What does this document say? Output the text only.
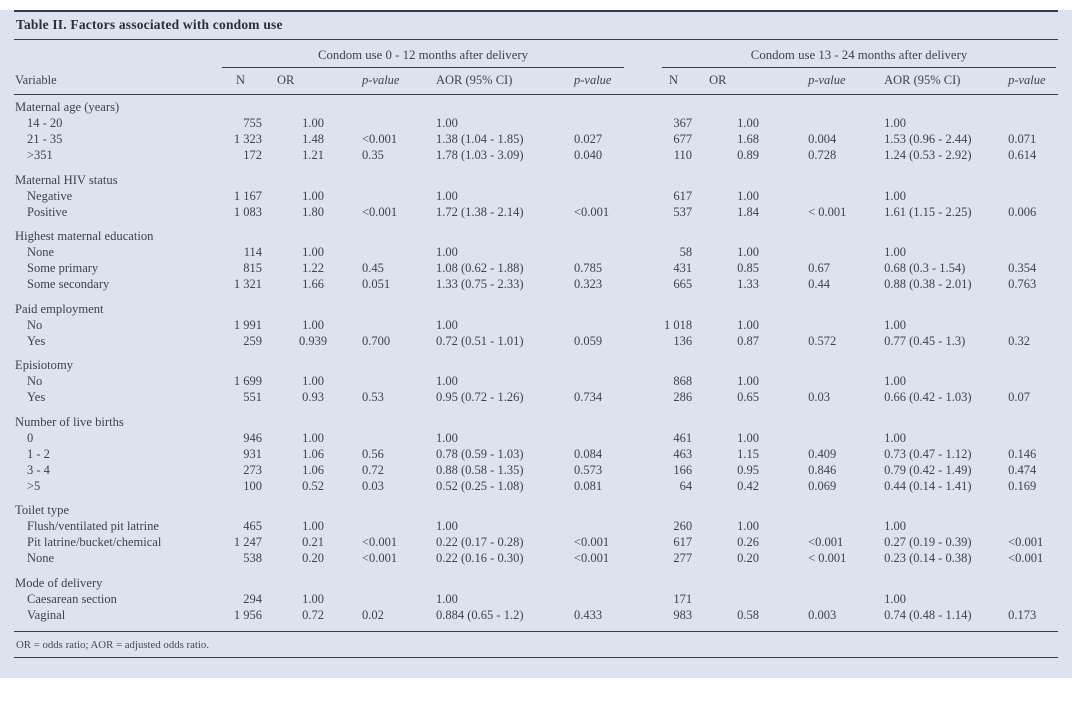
Table II. Factors associated with condom use

	Condom use 0 - 12 months after delivery					Condom use 13 - 24 months after delivery				

Variable	N	OR	p-value	AOR (95% CI)	p-value	N	OR	p-value	AOR (95% CI)	p-value
Maternal age (years)										
14 - 20	755	1.00		1.00		367	1.00		1.00	
21 - 35	1 323	1.48	<0.001	1.38 (1.04 - 1.85)	0.027	677	1.68	0.004	1.53 (0.96 - 2.44)	0.071
>351	172	1.21	0.35	1.78 (1.03 - 3.09)	0.040	110	0.89	0.728	1.24 (0.53 - 2.92)	0.614
Maternal HIV status										
Negative	1 167	1.00		1.00		617	1.00		1.00	
Positive	1 083	1.80	<0.001	1.72 (1.38 - 2.14)	<0.001	537	1.84	< 0.001	1.61 (1.15 - 2.25)	0.006
Highest maternal education										
None	114	1.00		1.00		58	1.00		1.00	
Some primary	815	1.22	0.45	1.08 (0.62 - 1.88)	0.785	431	0.85	0.67	0.68 (0.3 - 1.54)	0.354
Some secondary	1 321	1.66	0.051	1.33 (0.75 - 2.33)	0.323	665	1.33	0.44	0.88 (0.38 - 2.01)	0.763
Paid employment										
No	1 991	1.00		1.00		1 018	1.00		1.00	
Yes	259	0.939	0.700	0.72 (0.51 - 1.01)	0.059	136	0.87	0.572	0.77 (0.45 - 1.3)	0.32
Episiotomy										
No	1 699	1.00		1.00		868	1.00		1.00	
Yes	551	0.93	0.53	0.95 (0.72 - 1.26)	0.734	286	0.65	0.03	0.66 (0.42 - 1.03)	0.07
Number of live births										
0	946	1.00		1.00		461	1.00		1.00	
1 - 2	931	1.06	0.56	0.78 (0.59 - 1.03)	0.084	463	1.15	0.409	0.73 (0.47 - 1.12)	0.146
3 - 4	273	1.06	0.72	0.88 (0.58 - 1.35)	0.573	166	0.95	0.846	0.79 (0.42 - 1.49)	0.474
>5	100	0.52	0.03	0.52 (0.25 - 1.08)	0.081	64	0.42	0.069	0.44 (0.14 - 1.41)	0.169
Toilet type										
Flush/ventilated pit latrine	465	1.00		1.00		260	1.00		1.00	
Pit latrine/bucket/chemical	1 247	0.21	<0.001	0.22 (0.17 - 0.28)	<0.001	617	0.26	<0.001	0.27 (0.19 - 0.39)	<0.001
None	538	0.20	<0.001	0.22 (0.16 - 0.30)	<0.001	277	0.20	< 0.001	0.23 (0.14 - 0.38)	<0.001
Mode of delivery										
Caesarean section	294	1.00		1.00		171			1.00	
Vaginal	1 956	0.72	0.02	0.884 (0.65 - 1.2)	0.433	983	0.58	0.003	0.74 (0.48 - 1.14)	0.173
OR = odds ratio; AOR = adjusted odds ratio.
